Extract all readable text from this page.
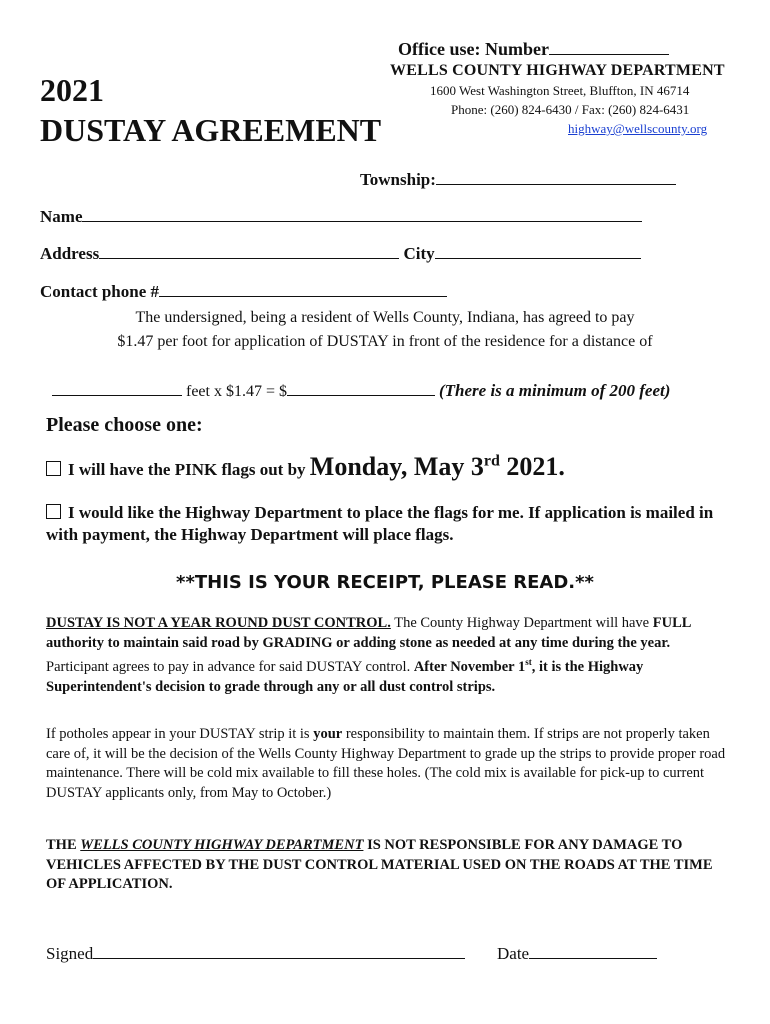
Office use: Number
WELLS COUNTY HIGHWAY DEPARTMENT
1600 West Washington Street, Bluffton, IN 46714
Phone: (260) 824-6430 / Fax: (260) 824-6431
highway@wellscounty.org
2021
DUSTAY AGREEMENT
Township:
Name
Address	City
Contact phone #
The undersigned, being a resident of Wells County, Indiana, has agreed to pay
$1.47 per foot for application of DUSTAY in front of the residence for a distance of
feet x $1.47 = $	(There is a minimum of 200 feet)
Please choose one:
I will have the PINK flags out by Monday, May 3rd 2021.
I would like the Highway Department to place the flags for me. If application is mailed in with payment, the Highway Department will place flags.
**THIS IS YOUR RECEIPT, PLEASE READ.**
DUSTAY IS NOT A YEAR ROUND DUST CONTROL. The County Highway Department will have FULL authority to maintain said road by GRADING or adding stone as needed at any time during the year. Participant agrees to pay in advance for said DUSTAY control. After November 1st, it is the Highway Superintendent's decision to grade through any or all dust control strips.
If potholes appear in your DUSTAY strip it is your responsibility to maintain them. If strips are not properly taken care of, it will be the decision of the Wells County Highway Department to grade up the strips to provide proper road maintenance. There will be cold mix available to fill these holes. (The cold mix is available for pick-up to current DUSTAY applicants only, from May to October.)
THE WELLS COUNTY HIGHWAY DEPARTMENT IS NOT RESPONSIBLE FOR ANY DAMAGE TO VEHICLES AFFECTED BY THE DUST CONTROL MATERIAL USED ON THE ROADS AT THE TIME OF APPLICATION.
Signed	Date
